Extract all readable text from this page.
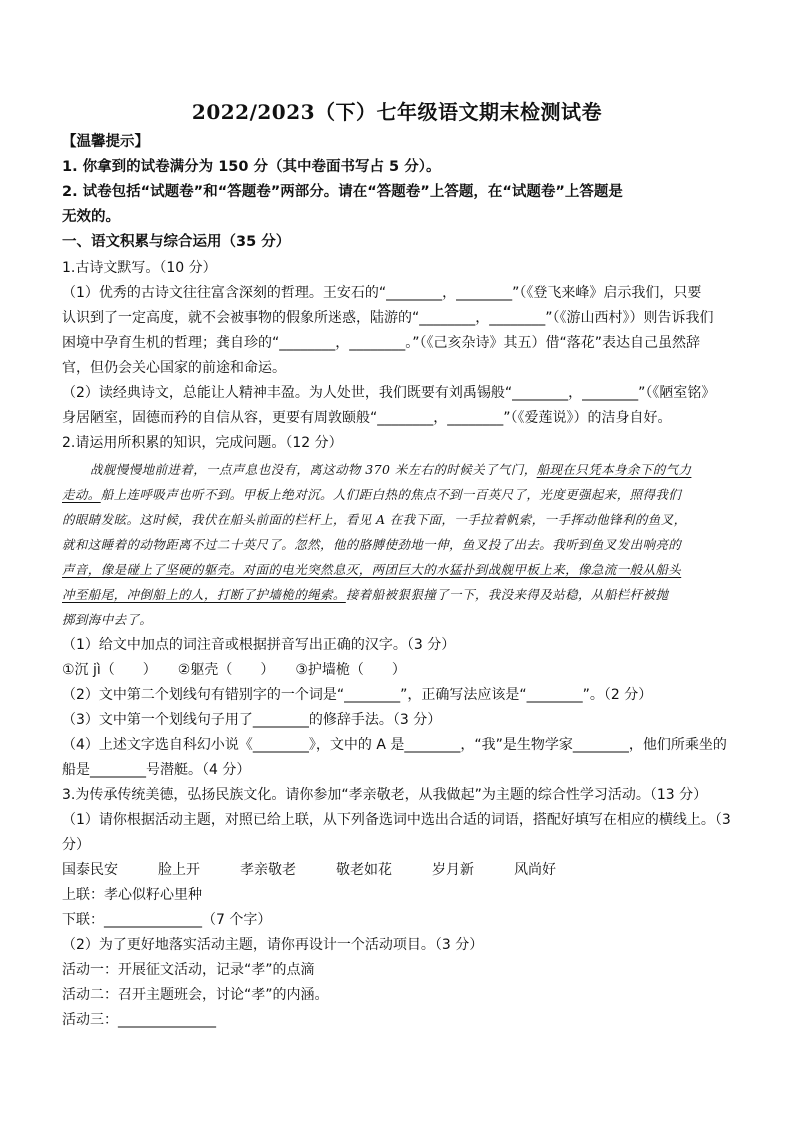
2022/2023（下）七年级语文期末检测试卷
【温馨提示】
1. 你拿到的试卷满分为 150 分（其中卷面书写占 5 分）。
2. 试卷包括“试题卷”和“答题卷”两部分。请在“答题卷”上答题，在“试题卷”上答题是
无效的。
一、语文积累与综合运用（35 分）
1.古诗文默写。（10 分）
（1）优秀的古诗文往往富含深刻的哲理。王安石的“________，________”（《登飞来峰》启示我们，只要
认识到了一定高度，就不会被事物的假象所迷惑，陆游的“________，________”（《游山西村》）则告诉我们
困境中孕育生机的哲理；龚自珍的“________，________。”（《己亥杂诗》其五）借“落花”表达自己虽然辞
官，但仍会关心国家的前途和命运。
（2）读经典诗文，总能让人精神丰盈。为人处世，我们既要有刘禹锡般“________，________”（《陋室铭》
身居陋室，固德而矜的自信从容，更要有周敦颐般“________，________”（《爱莲说》）的洁身自好。
2.请运用所积累的知识，完成问题。（12 分）
战舰慢慢地前进着，一点声息也没有，离这动物 370 米左右的时候关了气门，船现在只凭本身余下的气力
走动。船上连呼吸声也听不到。甲板上绝对沉。人们距白热的焦点不到一百英尺了，光度更强起来，照得我们
的眼睛发眩。这时候，我伏在船头前面的栏杆上，看见 A 在我下面，一手拉着帆索，一手挥动他锋利的鱼叉，
就和这睡着的动物距离不过二十英尺了。忽然，他的胳膊使劲地一伸，鱼叉投了出去。我听到鱼叉发出响亮的
声音，像是碰上了坚硬的躯壳。对面的电光突然息灭，两团巨大的水猛扑到战舰甲板上来，像急流一般从船头
冲至船尾，冲倒船上的人，打断了护墙桅的绳索。接着船被狠狠撞了一下，我没来得及站稳，从船栏杆被抛
掷到海中去了。
（1）给文中加点的词注音或根据拼音写出正确的汉字。（3 分）
①沉 jì（　　）　　②躯壳（　　）　　③护墙桅（　　）
（2）文中第二个划线句有错别字的一个词是“________”，正确写法应该是“________”。（2 分）
（3）文中第一个划线句子用了________的修辞手法。（3 分）
（4）上述文字选自科幻小说《________》，文中的 A 是________，“我”是生物学家________，他们所乘坐的
船是________号潜艇。（4 分）
3.为传承传统美德，弘扬民族文化。请你参加“孝亲敬老，从我做起”为主题的综合性学习活动。（13 分）
（1）请你根据活动主题，对照已给上联，从下列备选词中选出合适的词语，搭配好填写在相应的横线上。（3
分）
国泰民安	脸上开	孝亲敬老	敬老如花	岁月新	风尚好
上联：孝心似籽心里种
下联：______________（7 个字）
（2）为了更好地落实活动主题，请你再设计一个活动项目。（3 分）
活动一：开展征文活动，记录“孝”的点滴
活动二：召开主题班会，讨论“孝”的内涵。
活动三：______________
